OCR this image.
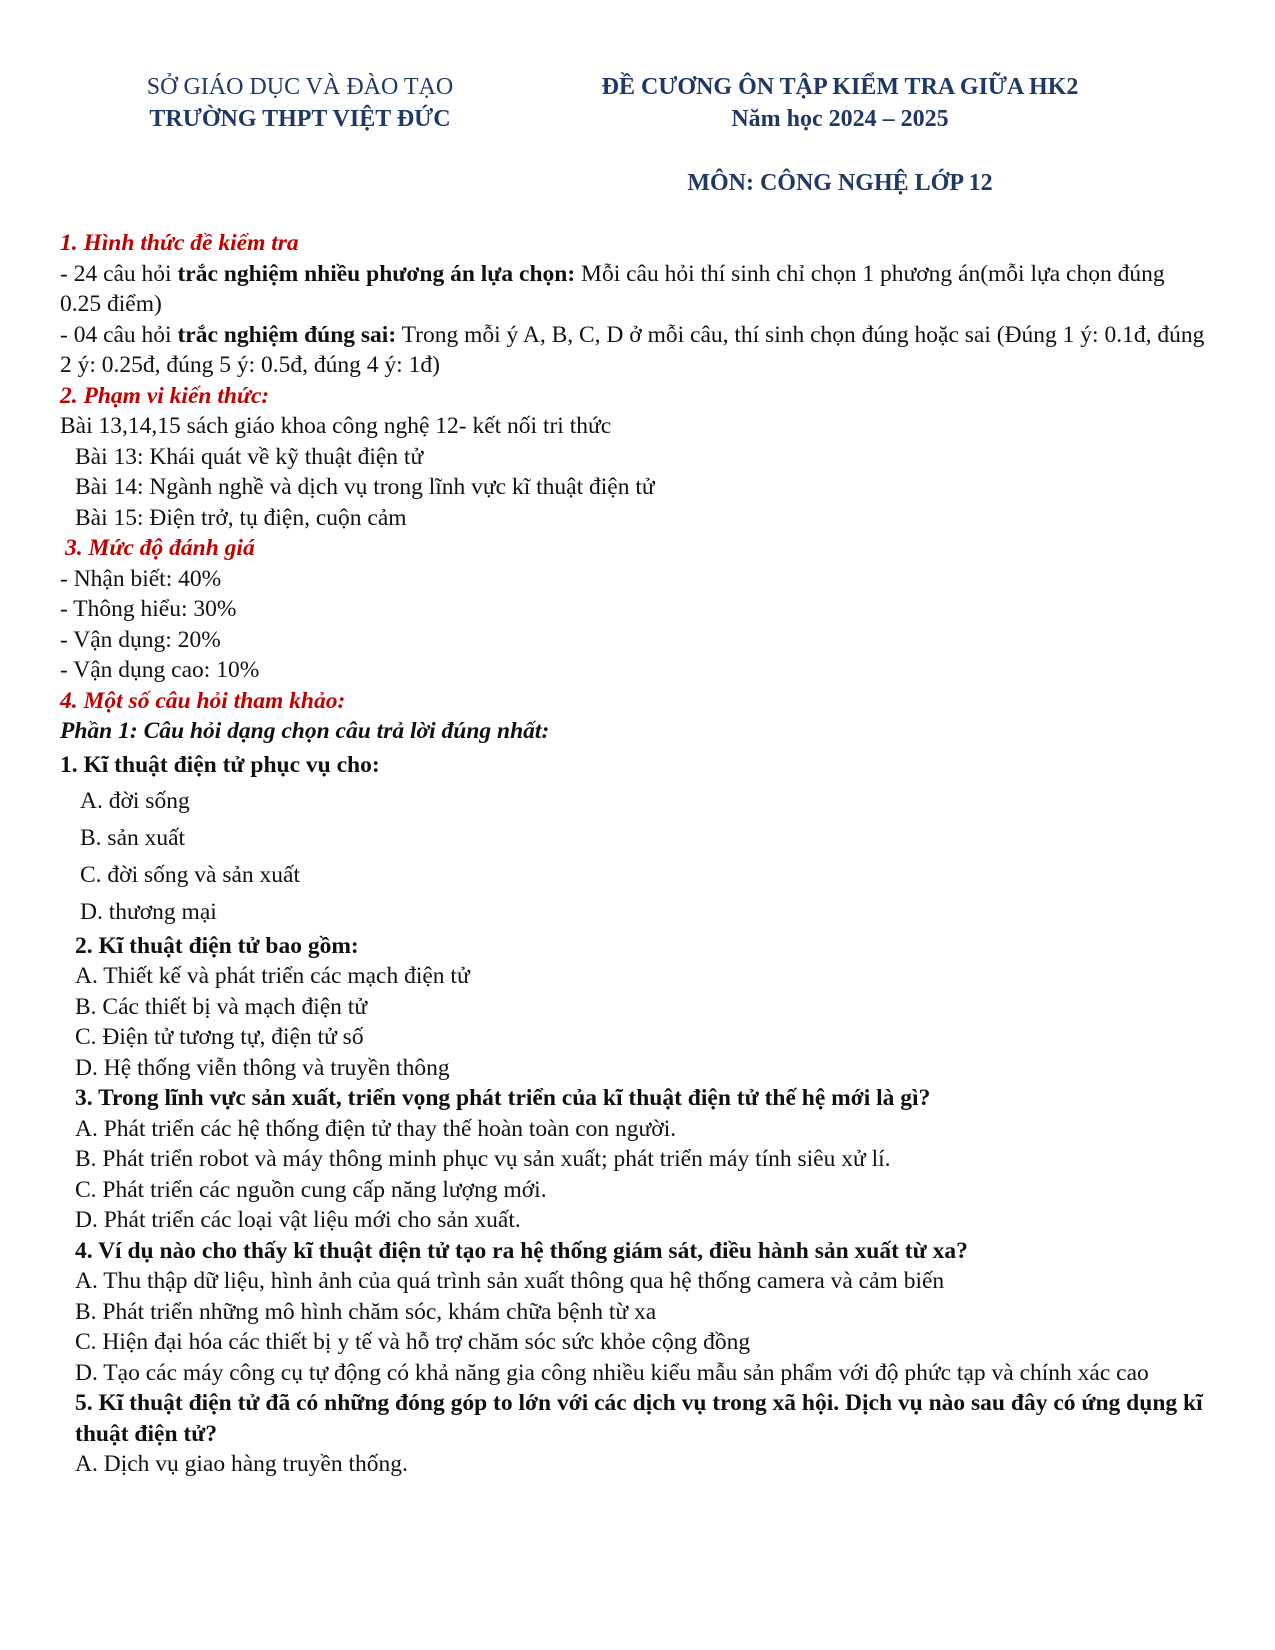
SỞ GIÁO DỤC VÀ ĐÀO TẠO
TRƯỜNG THPT VIỆT ĐỨC
ĐỀ CƯƠNG ÔN TẬP KIỂM TRA GIỮA HK2
Năm học 2024 – 2025
MÔN: CÔNG NGHỆ LỚP 12
1. Hình thức đề kiểm tra
- 24 câu hỏi trắc nghiệm nhiều phương án lựa chọn: Mỗi câu hỏi thí sinh chỉ chọn 1 phương án(mỗi lựa chọn đúng 0.25 điểm)
- 04 câu hỏi trắc nghiệm đúng sai: Trong mỗi ý A, B, C, D ở mỗi câu, thí sinh chọn đúng hoặc sai (Đúng 1 ý: 0.1đ, đúng 2 ý: 0.25đ, đúng 5 ý: 0.5đ, đúng 4 ý: 1đ)
2. Phạm vi kiến thức:
Bài 13,14,15 sách giáo khoa công nghệ 12- kết nối tri thức
Bài 13: Khái quát về kỹ thuật điện tử
Bài 14: Ngành nghề và dịch vụ trong lĩnh vực kĩ thuật điện tử
Bài 15: Điện trở, tụ điện, cuộn cảm
3. Mức độ đánh giá
- Nhận biết: 40%
- Thông hiểu: 30%
- Vận dụng: 20%
- Vận dụng cao: 10%
4. Một số câu hỏi tham khảo:
Phần 1: Câu hỏi dạng chọn câu trả lời đúng nhất:
1. Kĩ thuật điện tử phục vụ cho:
A. đời sống
B. sản xuất
C. đời sống và sản xuất
D. thương mại
2. Kĩ thuật điện tử bao gồm:
A. Thiết kế và phát triển các mạch điện tử
B. Các thiết bị và mạch điện tử
C. Điện tử tương tự, điện tử số
D. Hệ thống viễn thông và truyền thông
3. Trong lĩnh vực sản xuất, triển vọng phát triển của kĩ thuật điện tử thế hệ mới là gì?
A. Phát triển các hệ thống điện tử thay thế hoàn toàn con người.
B. Phát triển robot và máy thông minh phục vụ sản xuất; phát triển máy tính siêu xử lí.
C. Phát triển các nguồn cung cấp năng lượng mới.
D. Phát triển các loại vật liệu mới cho sản xuất.
4. Ví dụ nào cho thấy kĩ thuật điện tử tạo ra hệ thống giám sát, điều hành sản xuất từ xa?
A. Thu thập dữ liệu, hình ảnh của quá trình sản xuất thông qua hệ thống camera và cảm biến
B. Phát triển những mô hình chăm sóc, khám chữa bệnh từ xa
C. Hiện đại hóa các thiết bị y tế và hỗ trợ chăm sóc sức khỏe cộng đồng
D. Tạo các máy công cụ tự động có khả năng gia công nhiều kiểu mẫu sản phẩm với độ phức tạp và chính xác cao
5. Kĩ thuật điện tử đã có những đóng góp to lớn với các dịch vụ trong xã hội. Dịch vụ nào sau đây có ứng dụng kĩ thuật điện tử?
A. Dịch vụ giao hàng truyền thống.
